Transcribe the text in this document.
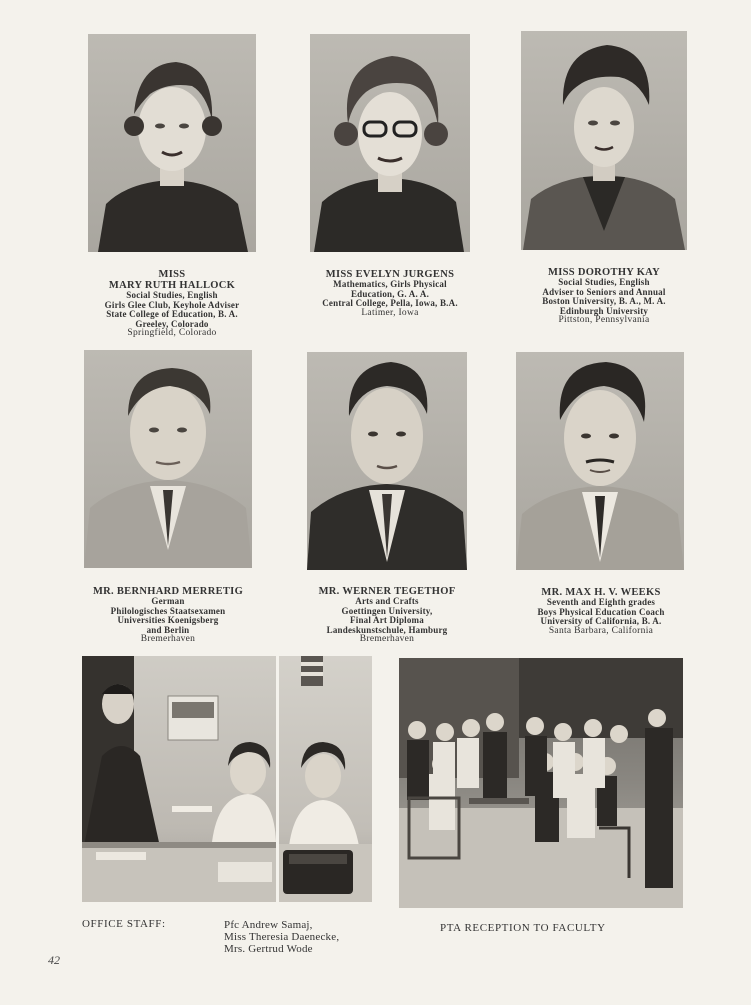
MISS
MARY RUTH HALLOCK
Social Studies, English
Girls Glee Club, Keyhole Adviser
State College of Education, B. A.
Greeley, Colorado
Springfield, Colorado
MISS EVELYN JURGENS
Mathematics, Girls Physical
Education, G. A. A.
Central College, Pella, Iowa, B.A.
Latimer, Iowa
MISS DOROTHY KAY
Social Studies, English
Adviser to Seniors and Annual
Boston University, B. A., M. A.
Edinburgh University
Pittston, Pennsylvania
MR. BERNHARD MERRETIG
German
Philologisches Staatsexamen
Universities Koenigsberg
and Berlin
Bremerhaven
MR. WERNER TEGETHOF
Arts and Crafts
Goettingen University,
Final Art Diploma
Landeskunstschule, Hamburg
Bremerhaven
MR. MAX H. V. WEEKS
Seventh and Eighth grades
Boys Physical Education Coach
University of California, B. A.
Santa Barbara, California
OFFICE STAFF:	Pfc Andrew Samaj,
Miss Theresia Daenecke,
Mrs. Gertrud Wode
PTA RECEPTION TO FACULTY
42
